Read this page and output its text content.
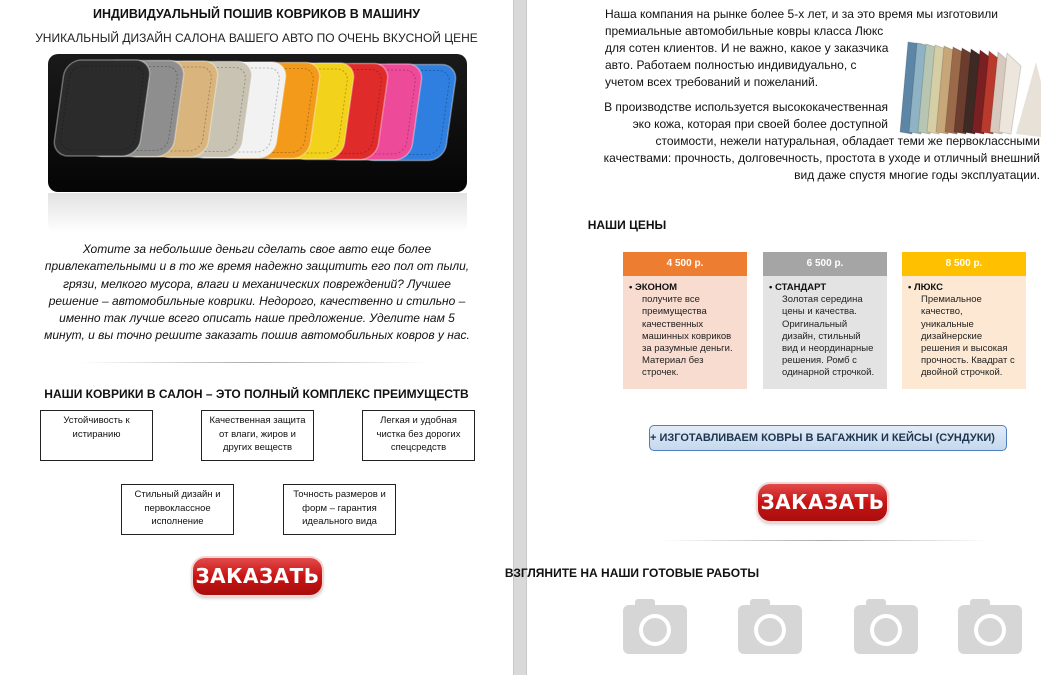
ИНДИВИДУАЛЬНЫЙ ПОШИВ КОВРИКОВ В МАШИНУ
УНИКАЛЬНЫЙ ДИЗАЙН САЛОНА ВАШЕГО АВТО ПО ОЧЕНЬ ВКУСНОЙ ЦЕНЕ
Хотите за небольшие деньги сделать свое авто еще более
привлекательными и в то же время надежно защитить его пол от пыли,
грязи, мелкого мусора, влаги и механических повреждений? Лучшее
решение – автомобильные коврики. Недорого, качественно и стильно –
именно так лучше всего описать наше предложение. Уделите нам 5
минут, и вы точно решите заказать пошив автомобильных ковров у нас.
НАШИ КОВРИКИ В САЛОН – ЭТО ПОЛНЫЙ КОМПЛЕКС ПРЕИМУЩЕСТВ
Устойчивость к
истиранию
Качественная защита
от влаги, жиров и
других веществ
Легкая и удобная
чистка без дорогих
спецсредств
Стильный дизайн и
первоклассное
исполнение
Точность размеров и
форм – гарантия
идеального вида
ЗАКАЗАТЬ
Наша компания на рынке более 5-х лет, и за это время мы изготовили
премиальные автомобильные ковры класса Люкс
для сотен клиентов. И не важно, какое у заказчика
авто. Работаем полностью индивидуально, с
учетом всех требований и пожеланий.
В производстве используется высококачественная
эко кожа, которая при своей более доступной
стоимости, нежели натуральная, обладает теми же первоклассными
качествами: прочность, долговечность, простота в уходе и отличный внешний
вид даже спустя многие годы эксплуатации.
НАШИ ЦЕНЫ
4 500 р.
• ЭКОНОМ
получите все
преимущества
качественных
машинных ковриков
за разумные деньги.
Материал без
строчек.
6 500 р.
• СТАНДАРТ
Золотая середина
цены и качества.
Оригинальный
дизайн, стильный
вид и неординарные
решения. Ромб с
одинарной строчкой.
8 500 р.
• ЛЮКС
Премиальное
качество,
уникальные
дизайнерские
решения и высокая
прочность. Квадрат с
двойной строчкой.
+ ИЗГОТАВЛИВАЕМ КОВРЫ В БАГАЖНИК И КЕЙСЫ (СУНДУКИ)
ЗАКАЗАТЬ
ВЗГЛЯНИТЕ НА НАШИ ГОТОВЫЕ РАБОТЫ
